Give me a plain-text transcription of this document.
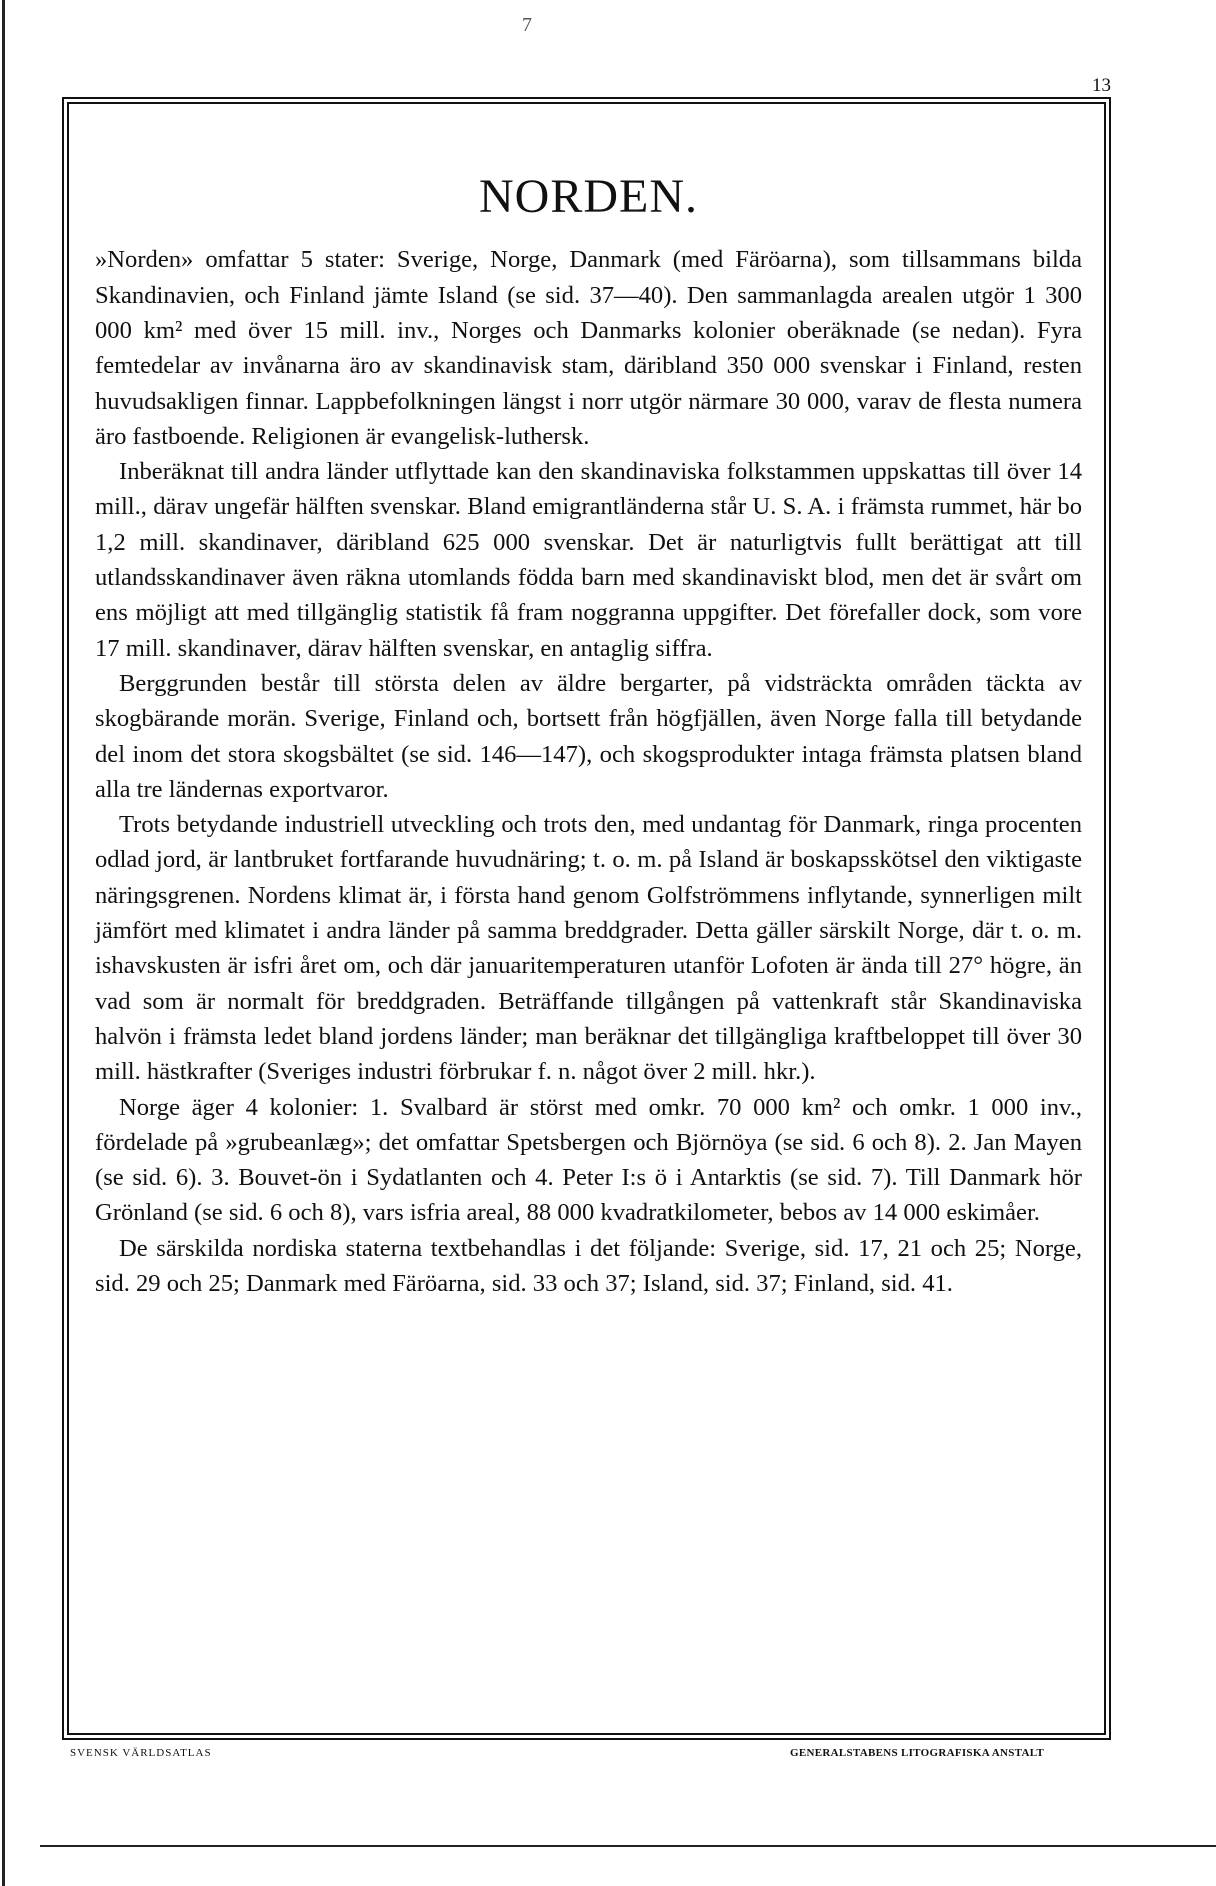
7
13
NORDEN.

»Norden» omfattar 5 stater: Sverige, Norge, Danmark (med Färöarna), som tillsammans bilda Skandinavien, och Finland jämte Island (se sid. 37—40). Den sammanlagda arealen utgör 1 300 000 km² med över 15 mill. inv., Norges och Danmarks kolonier oberäknade (se nedan). Fyra femtedelar av invånarna äro av skandinavisk stam, däribland 350 000 svenskar i Finland, resten huvudsakligen finnar. Lappbefolkningen längst i norr utgör närmare 30 000, varav de flesta numera äro fastboende. Religionen är evangelisk-luthersk.

Inberäknat till andra länder utflyttade kan den skandinaviska folkstammen uppskattas till över 14 mill., därav ungefär hälften svenskar. Bland emigrantländerna står U. S. A. i främsta rummet, här bo 1,2 mill. skandinaver, däribland 625 000 svenskar. Det är naturligtvis fullt berättigat att till utlandsskandinaver även räkna utomlands födda barn med skandinaviskt blod, men det är svårt om ens möjligt att med tillgänglig statistik få fram noggranna uppgifter. Det förefaller dock, som vore 17 mill. skandinaver, därav hälften svenskar, en antaglig siffra.

Berggrunden består till största delen av äldre bergarter, på vidsträckta områden täckta av skogbärande morän. Sverige, Finland och, bortsett från högfjällen, även Norge falla till betydande del inom det stora skogsbältet (se sid. 146—147), och skogsprodukter intaga främsta platsen bland alla tre ländernas exportvaror.

Trots betydande industriell utveckling och trots den, med undantag för Danmark, ringa procenten odlad jord, är lantbruket fortfarande huvudnäring; t. o. m. på Island är boskapsskötsel den viktigaste näringsgrenen. Nordens klimat är, i första hand genom Golfströmmens inflytande, synnerligen milt jämfört med klimatet i andra länder på samma breddgrader. Detta gäller särskilt Norge, där t. o. m. ishavskusten är isfri året om, och där januaritemperaturen utanför Lofoten är ända till 27° högre, än vad som är normalt för breddgraden. Beträffande tillgången på vattenkraft står Skandinaviska halvön i främsta ledet bland jordens länder; man beräknar det tillgängliga kraftbeloppet till över 30 mill. hästkrafter (Sveriges industri förbrukar f. n. något över 2 mill. hkr.).

Norge äger 4 kolonier: 1. Svalbard är störst med omkr. 70 000 km² och omkr. 1 000 inv., fördelade på »grubeanlæg»; det omfattar Spetsbergen och Björnöya (se sid. 6 och 8). 2. Jan Mayen (se sid. 6). 3. Bouvet-ön i Sydatlanten och 4. Peter I:s ö i Antarktis (se sid. 7). Till Danmark hör Grönland (se sid. 6 och 8), vars isfria areal, 88 000 kvadratkilometer, bebos av 14 000 eskimåer.

De särskilda nordiska staterna textbehandlas i det följande: Sverige, sid. 17, 21 och 25; Norge, sid. 29 och 25; Danmark med Färöarna, sid. 33 och 37; Island, sid. 37; Finland, sid. 41.

SVENSK VÄRLDSATLAS	GENERALSTABENS LITOGRAFISKA ANSTALT
